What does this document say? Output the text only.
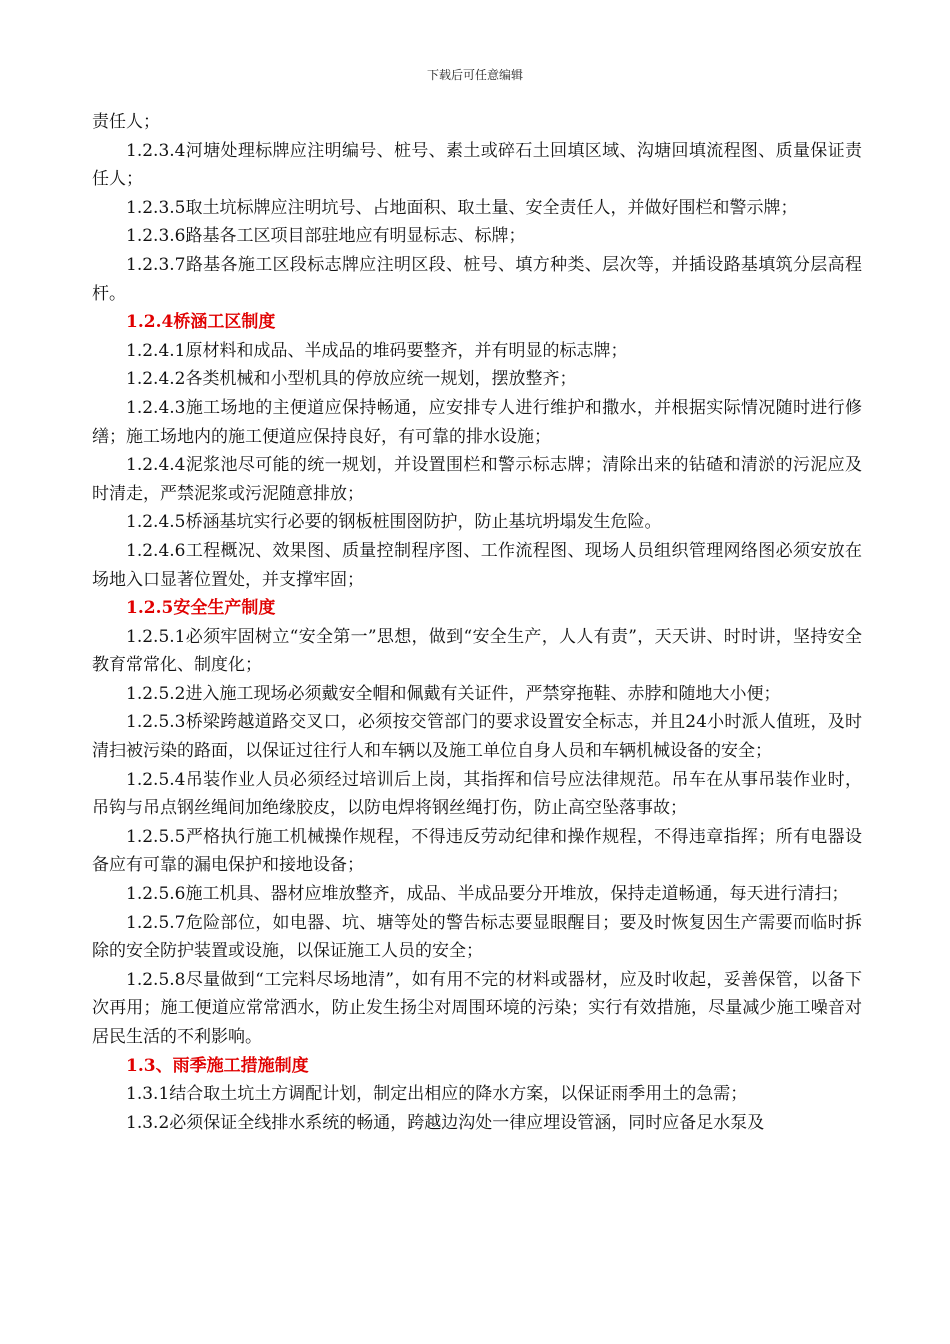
下载后可任意编辑

责任人；

1.2.3.4河塘处理标牌应注明编号、桩号、素土或碎石土回填区域、沟塘回填流程图、质量保证责任人；

1.2.3.5取土坑标牌应注明坑号、占地面积、取土量、安全责任人，并做好围栏和警示牌；

1.2.3.6路基各工区项目部驻地应有明显标志、标牌；

1.2.3.7路基各施工区段标志牌应注明区段、桩号、填方种类、层次等，并插设路基填筑分层高程杆。

1.2.4桥涵工区制度

1.2.4.1原材料和成品、半成品的堆码要整齐，并有明显的标志牌；

1.2.4.2各类机械和小型机具的停放应统一规划，摆放整齐；

1.2.4.3施工场地的主便道应保持畅通，应安排专人进行维护和撒水，并根据实际情况随时进行修缮；施工场地内的施工便道应保持良好，有可靠的排水设施；

1.2.4.4泥浆池尽可能的统一规划，并设置围栏和警示标志牌；清除出来的钻碴和清淤的污泥应及时清走，严禁泥浆或污泥随意排放；

1.2.4.5桥涵基坑实行必要的钢板桩围囹防护，防止基坑坍塌发生危险。

1.2.4.6工程概况、效果图、质量控制程序图、工作流程图、现场人员组织管理网络图必须安放在场地入口显著位置处，并支撑牢固；

1.2.5安全生产制度

1.2.5.1必须牢固树立“安全第一”思想，做到“安全生产，人人有责”，天天讲、时时讲，坚持安全教育常常化、制度化；

1.2.5.2进入施工现场必须戴安全帽和佩戴有关证件，严禁穿拖鞋、赤脖和随地大小便；

1.2.5.3桥梁跨越道路交叉口，必须按交管部门的要求设置安全标志，并且24小时派人值班，及时清扫被污染的路面，以保证过往行人和车辆以及施工单位自身人员和车辆机械设备的安全；

1.2.5.4吊装作业人员必须经过培训后上岗，其指挥和信号应法律规范。吊车在从事吊装作业时，吊钩与吊点钢丝绳间加绝缘胶皮，以防电焊将钢丝绳打伤，防止高空坠落事故；

1.2.5.5严格执行施工机械操作规程，不得违反劳动纪律和操作规程，不得违章指挥；所有电器设备应有可靠的漏电保护和接地设备；

1.2.5.6施工机具、器材应堆放整齐，成品、半成品要分开堆放，保持走道畅通，每天进行清扫；

1.2.5.7危险部位，如电器、坑、塘等处的警告标志要显眼醒目；要及时恢复因生产需要而临时拆除的安全防护装置或设施，以保证施工人员的安全；

1.2.5.8尽量做到“工完料尽场地清”，如有用不完的材料或器材，应及时收起，妥善保管，以备下次再用；施工便道应常常洒水，防止发生扬尘对周围环境的污染；实行有效措施，尽量减少施工噪音对居民生活的不利影响。

1.3、雨季施工措施制度

1.3.1结合取土坑土方调配计划，制定出相应的降水方案，以保证雨季用土的急需；

1.3.2必须保证全线排水系统的畅通，跨越边沟处一律应埋设管涵，同时应备足水泵及
